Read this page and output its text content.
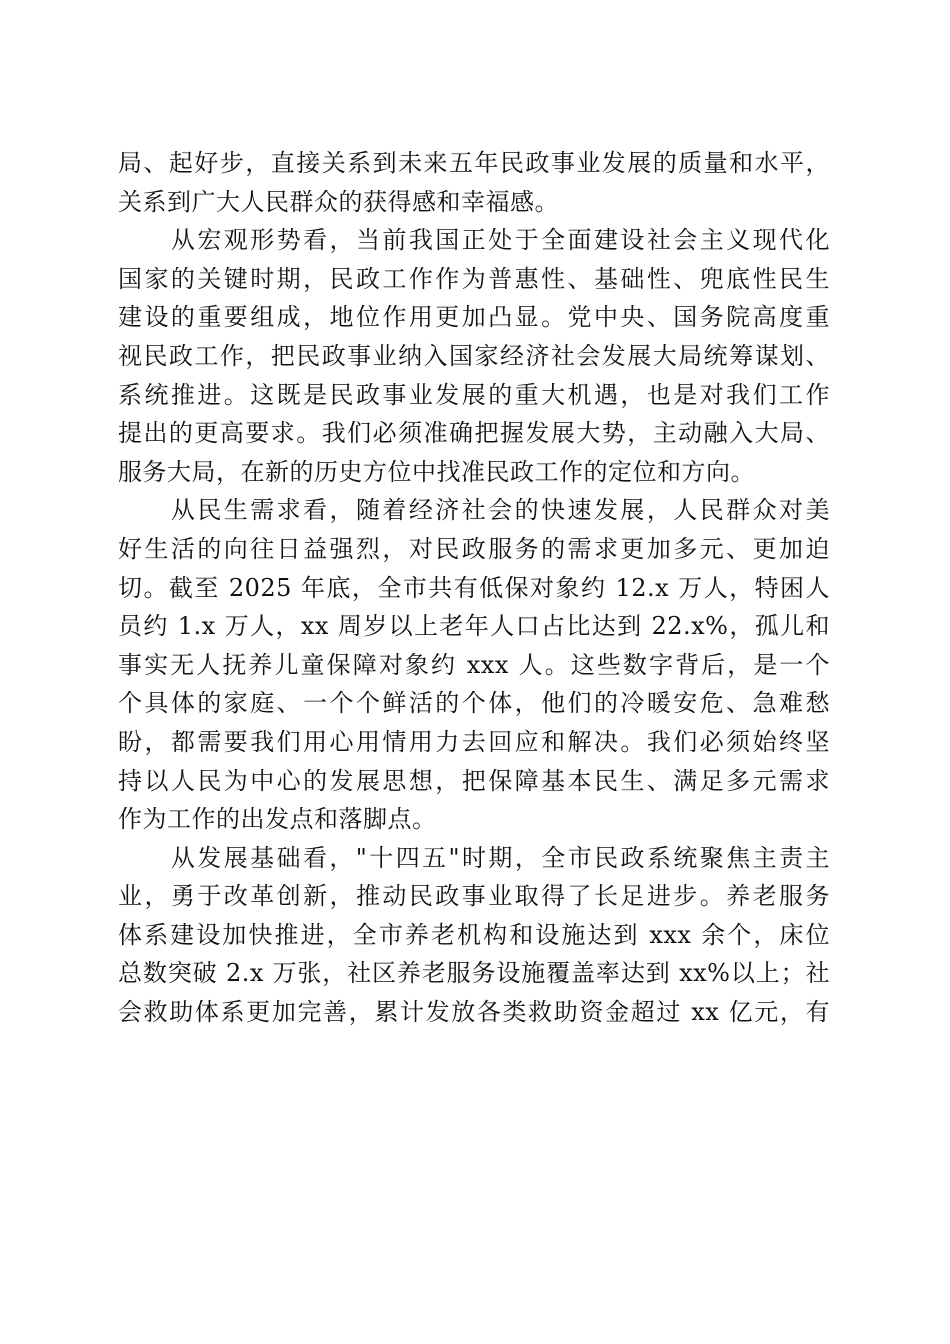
局、起好步，直接关系到未来五年民政事业发展的质量和水平，
关系到广大人民群众的获得感和幸福感。

　　从宏观形势看，当前我国正处于全面建设社会主义现代化
国家的关键时期，民政工作作为普惠性、基础性、兜底性民生
建设的重要组成，地位作用更加凸显。党中央、国务院高度重
视民政工作，把民政事业纳入国家经济社会发展大局统筹谋划、
系统推进。这既是民政事业发展的重大机遇，也是对我们工作
提出的更高要求。我们必须准确把握发展大势，主动融入大局、
服务大局，在新的历史方位中找准民政工作的定位和方向。

　　从民生需求看，随着经济社会的快速发展，人民群众对美
好生活的向往日益强烈，对民政服务的需求更加多元、更加迫
切。截至 2025 年底，全市共有低保对象约 12.x 万人，特困人
员约 1.x 万人，xx 周岁以上老年人口占比达到 22.x%，孤儿和
事实无人抚养儿童保障对象约 xxx 人。这些数字背后，是一个
个具体的家庭、一个个鲜活的个体，他们的冷暖安危、急难愁
盼，都需要我们用心用情用力去回应和解决。我们必须始终坚
持以人民为中心的发展思想，把保障基本民生、满足多元需求
作为工作的出发点和落脚点。

　　从发展基础看，"十四五"时期，全市民政系统聚焦主责主
业，勇于改革创新，推动民政事业取得了长足进步。养老服务
体系建设加快推进，全市养老机构和设施达到 xxx 余个，床位
总数突破 2.x 万张，社区养老服务设施覆盖率达到 xx%以上；社
会救助体系更加完善，累计发放各类救助资金超过 xx 亿元，有
